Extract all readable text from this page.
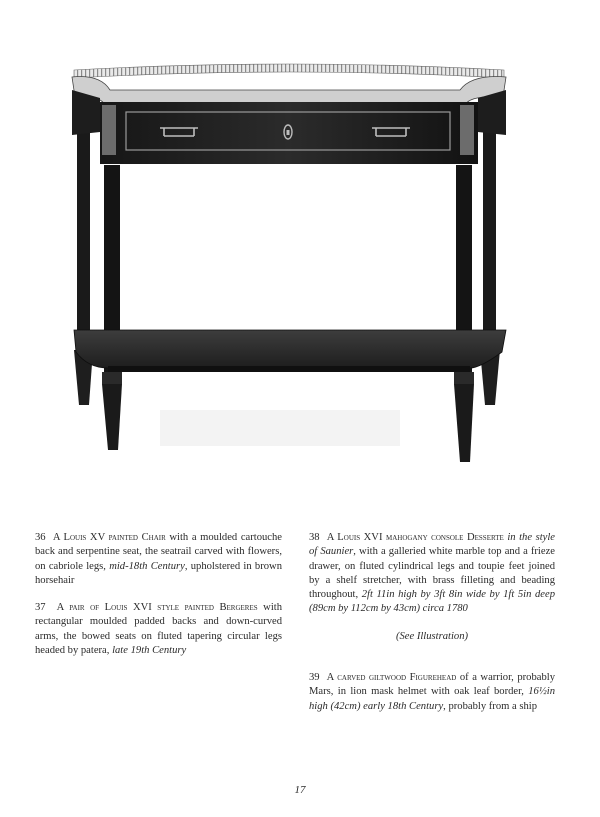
36 A Louis XV painted Chair with a moulded cartouche back and serpentine seat, the seatrail carved with flowers, on cabriole legs, mid-18th Century, upholstered in brown horsehair

37 A pair of Louis XVI style painted Bergeres with rectangular moulded padded backs and down-curved arms, the bowed seats on fluted tapering circular legs headed by patera, late 19th Century

38 A Louis XVI mahogany console Desserte in the style of Saunier, with a galleried white marble top and a frieze drawer, on fluted cylindrical legs and toupie feet joined by a shelf stretcher, with brass filleting and beading throughout, 2ft 11in high by 3ft 8in wide by 1ft 5in deep (89cm by 112cm by 43cm) circa 1780

(See Illustration)

39 A carved giltwood Figurehead of a warrior, probably Mars, in lion mask helmet with oak leaf border, 16½in high (42cm) early 18th Century, probably from a ship

17
